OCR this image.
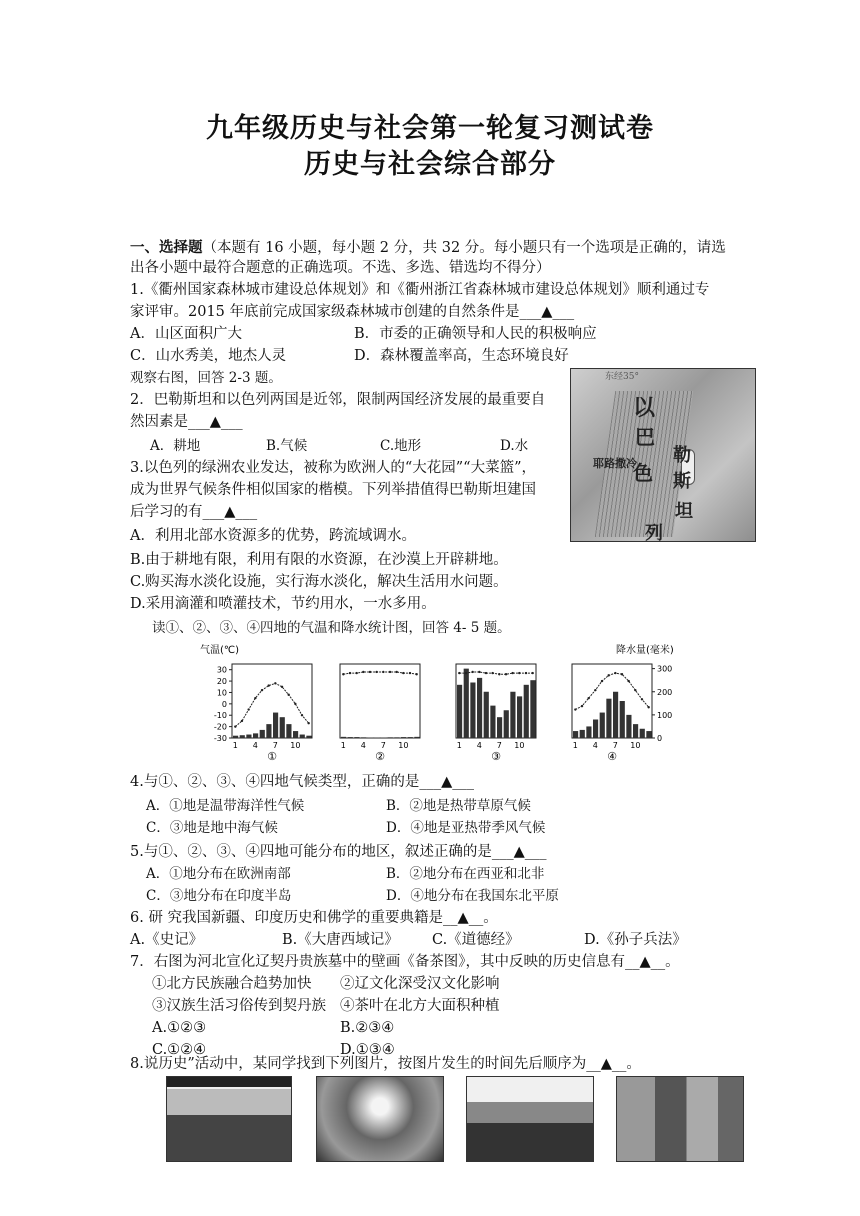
九年级历史与社会第一轮复习测试卷
历史与社会综合部分
一、选择题（本题有 16 小题，每小题 2 分，共 32 分。每小题只有一个选项是正确的，请选
出各小题中最符合题意的正确选项。不选、多选、错选均不得分）
1.《衢州国家森林城市建设总体规划》和《衢州浙江省森林城市建设总体规划》顺利通过专
家评审。2015 年底前完成国家级森林城市创建的自然条件是___▲___
A．山区面积广大	B．市委的正确领导和人民的积极响应
C．山水秀美，地杰人灵	D．森林覆盖率高，生态环境良好
观察右图，回答 2-3 题。	东经35°
以
巴
勒
色 斯
坦
列
耶路撒冷
2．巴勒斯坦和以色列两国是近邻，限制两国经济发展的最重要自
然因素是___▲___
A．耕地	B.气候	C.地形	D.水
3.以色列的绿洲农业发达，被称为欧洲人的“大花园”“大菜篮”，
成为世界气候条件相似国家的楷模。下列举措值得巴勒斯坦建国
后学习的有___▲___
A．利用北部水资源多的优势，跨流域调水。
B.由于耕地有限，利用有限的水资源，在沙漠上开辟耕地。
C.购买海水淡化设施，实行海水淡化，解决生活用水问题。
D.采用滴灌和喷灌技术，节约用水，一水多用。
读①、②、③、④四地的气温和降水统计图，回答 4- 5 题。
气温(℃)	降水量(毫米)
1 4 7 10
①
30
20
10
0
-10
-20
-30
1 4 7 10
②
1 4 7 10
③
1 4 7 10
④
300
200
100
0
4.与①、②、③、④四地气候类型，正确的是___▲___
A．①地是温带海洋性气候	B．②地是热带草原气候
C．③地是地中海气候	D．④地是亚热带季风气候
5.与①、②、③、④四地可能分布的地区，叙述正确的是___▲___
A．①地分布在欧洲南部	B．②地分布在西亚和北非
C．③地分布在印度半岛	D．④地分布在我国东北平原
6. 研 究我国新疆、印度历史和佛学的重要典籍是__▲__。
A.《史记》	B.《大唐西域记》 C.《道德经》	D.《孙子兵法》
7．右图为河北宣化辽契丹贵族墓中的壁画《备茶图》，其中反映的历史信息有__▲__。
①北方民族融合趋势加快 ②辽文化深受汉文化影响
③汉族生活习俗传到契丹族 ④茶叶在北方大面积种植
A.①②③	B.②③④
C.①②④	D.①③④
8.说历史”活动中，某同学找到下列图片，按图片发生的时间先后顺序为__▲__。
